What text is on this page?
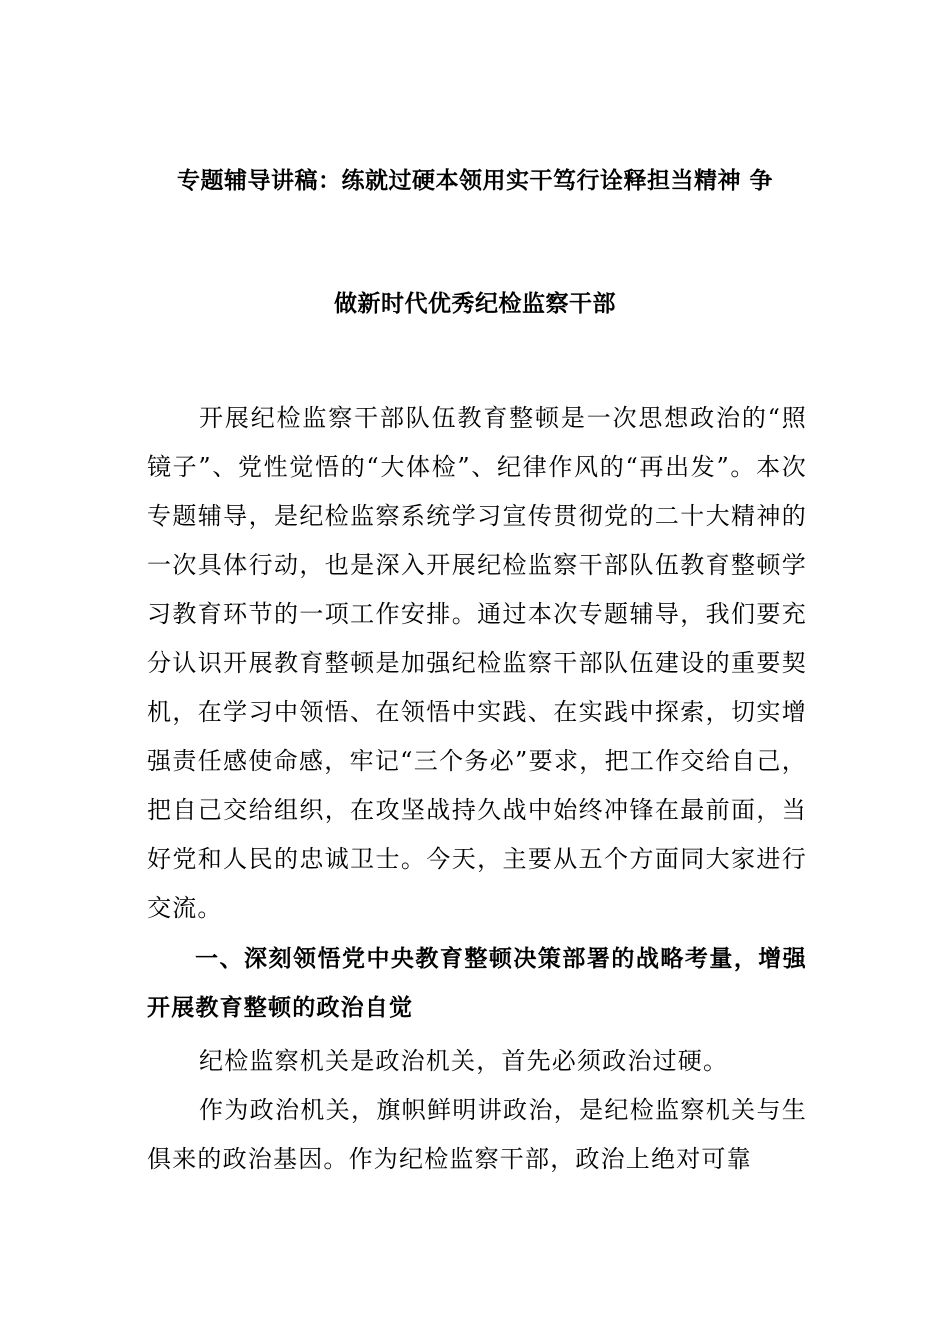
专题辅导讲稿：练就过硬本领用实干笃行诠释担当精神 争
做新时代优秀纪检监察干部
开展纪检监察干部队伍教育整顿是一次思想政治的“照镜子”、党性觉悟的“大体检”、纪律作风的“再出发”。本次专题辅导，是纪检监察系统学习宣传贯彻党的二十大精神的一次具体行动，也是深入开展纪检监察干部队伍教育整顿学习教育环节的一项工作安排。通过本次专题辅导，我们要充分认识开展教育整顿是加强纪检监察干部队伍建设的重要契机，在学习中领悟、在领悟中实践、在实践中探索，切实增强责任感使命感，牢记“三个务必”要求，把工作交给自己，把自己交给组织，在攻坚战持久战中始终冲锋在最前面，当好党和人民的忠诚卫士。今天，主要从五个方面同大家进行交流。
一、深刻领悟党中央教育整顿决策部署的战略考量，增强开展教育整顿的政治自觉
纪检监察机关是政治机关，首先必须政治过硬。
作为政治机关，旗帜鲜明讲政治，是纪检监察机关与生俱来的政治基因。作为纪检监察干部，政治上绝对可靠
